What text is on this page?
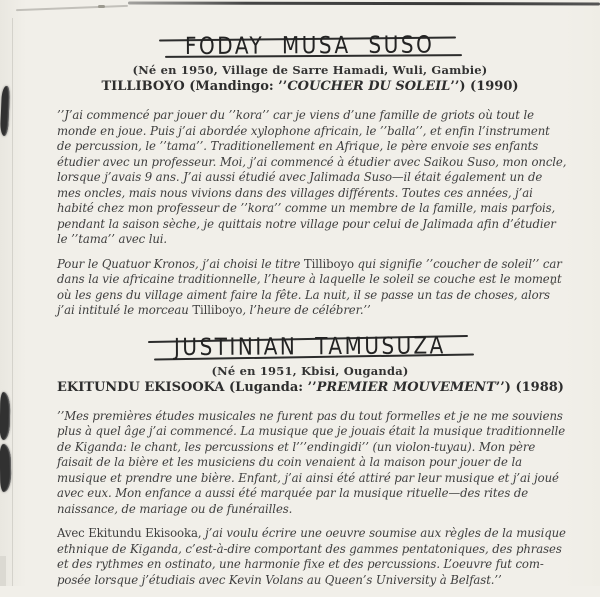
FODAY MUSA SUSO
(Né en 1950, Village de Sarre Hamadi, Wuli, Gambie)
TILLIBOYO (Mandingo: ’’COUCHER DU SOLEIL’’) (1990)
’’J’ai commencé par jouer du ’’kora’’ car je viens d’une famille de griots où tout le
monde en joue. Puis j’ai abordée xylophone africain, le ’’balla’’, et enfin l’instrument
de percussion, le ’’tama’’. Traditionellement en Afrique, le père envoie ses enfants
étudier avec un professeur. Moi, j’ai commencé à étudier avec Saikou Suso, mon oncle,
lorsque j’avais 9 ans. J’ai aussi étudié avec Jalimada Suso—il était également un de
mes oncles, mais nous vivions dans des villages différents. Toutes ces années, j’ai
habité chez mon professeur de ’’kora’’ comme un membre de la famille, mais parfois,
pendant la saison sèche, je quittais notre village pour celui de Jalimada afin d’étudier
le ’’tama’’ avec lui.
Pour le Quatuor Kronos, j’ai choisi le titre Tilliboyo qui signifie ’’coucher de soleil’’ car
dans la vie africaine traditionnelle, l’heure à laquelle le soleil se couche est le moment
où les gens du village aiment faire la fête. La nuit, il se passe un tas de choses, alors
j’ai intitulé le morceau Tilliboyo, l’heure de célébrer.’’
JUSTINIAN TAMUSUZA
(Né en 1951, Kbisi, Ouganda)
EKITUNDU EKISOOKA (Luganda: ’’PREMIER MOUVEMENT’’) (1988)
’’Mes premières études musicales ne furent pas du tout formelles et je ne me souviens
plus à quel âge j’ai commencé. La musique que je jouais était la musique traditionnelle
de Kiganda: le chant, les percussions et l’’’endingidi’’ (un violon-tuyau). Mon père
faisait de la bière et les musiciens du coin venaient à la maison pour jouer de la
musique et prendre une bière. Enfant, j’ai ainsi été attiré par leur musique et j’ai joué
avec eux. Mon enfance a aussi été marquée par la musique rituelle—des rites de
naissance, de mariage ou de funérailles.
Avec Ekitundu Ekisooka, j’ai voulu écrire une oeuvre soumise aux règles de la musique
ethnique de Kiganda, c’est-à-dire comportant des gammes pentatoniques, des phrases
et des rythmes en ostinato, une harmonie fixe et des percussions. L’oeuvre fut com-
posée lorsque j’étudiais avec Kevin Volans au Queen’s University à Belfast.’’
